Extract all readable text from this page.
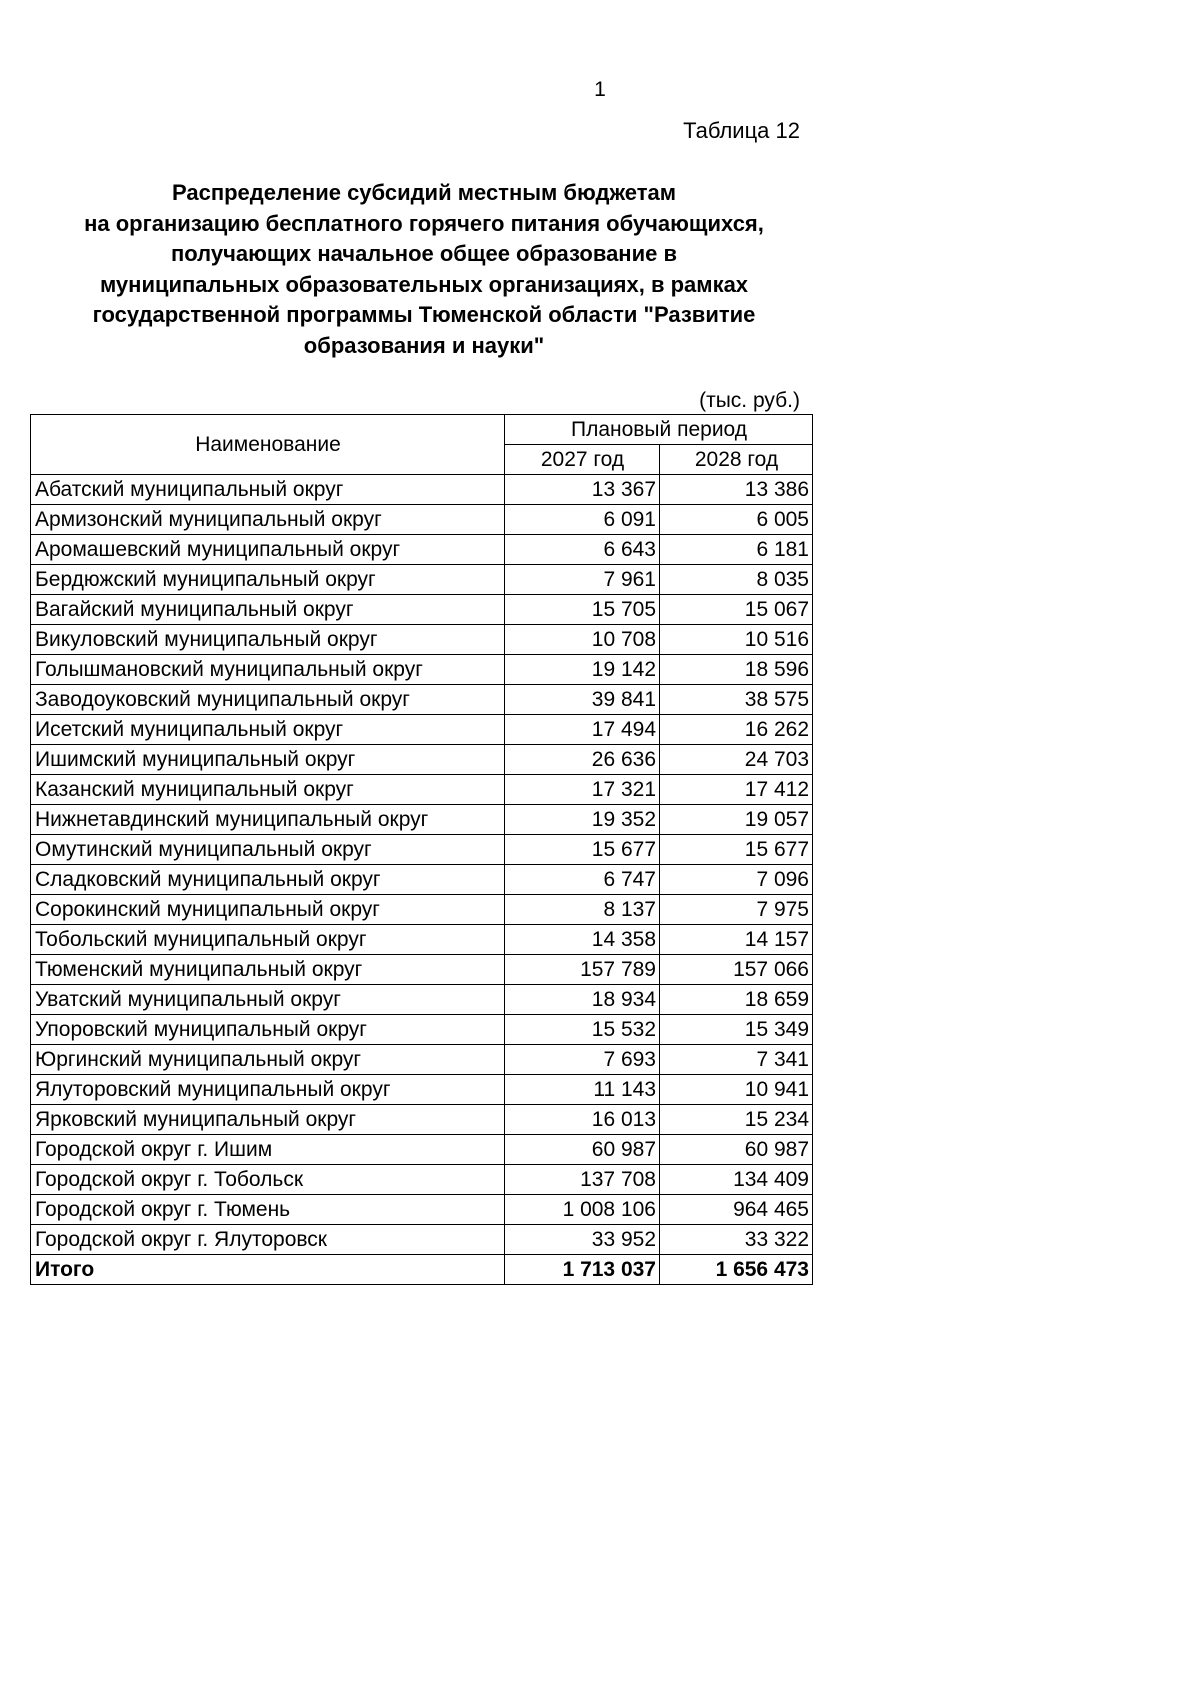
1
Таблица 12
Распределение субсидий местным бюджетам
на организацию бесплатного горячего питания обучающихся,
получающих начальное общее образование в
муниципальных образовательных организациях, в рамках
государственной программы Тюменской области "Развитие
образования и науки"
(тыс. руб.)
Наименование	Плановый период	
	2027 год	2028 год
Абатский муниципальный округ	13 367	13 386
Армизонский муниципальный округ	6 091	6 005
Аромашевский муниципальный округ	6 643	6 181
Бердюжский муниципальный округ	7 961	8 035
Вагайский муниципальный округ	15 705	15 067
Викуловский муниципальный округ	10 708	10 516
Голышмановский муниципальный округ	19 142	18 596
Заводоуковский муниципальный округ	39 841	38 575
Исетский муниципальный округ	17 494	16 262
Ишимский муниципальный округ	26 636	24 703
Казанский муниципальный округ	17 321	17 412
Нижнетавдинский муниципальный округ	19 352	19 057
Омутинский муниципальный округ	15 677	15 677
Сладковский муниципальный округ	6 747	7 096
Сорокинский муниципальный округ	8 137	7 975
Тобольский муниципальный округ	14 358	14 157
Тюменский муниципальный округ	157 789	157 066
Уватский муниципальный округ	18 934	18 659
Упоровский муниципальный округ	15 532	15 349
Юргинский муниципальный округ	7 693	7 341
Ялуторовский муниципальный округ	11 143	10 941
Ярковский муниципальный округ	16 013	15 234
Городской округ г. Ишим	60 987	60 987
Городской округ г. Тобольск	137 708	134 409
Городской округ г. Тюмень	1 008 106	964 465
Городской округ г. Ялуторовск	33 952	33 322
Итого	1 713 037	1 656 473
